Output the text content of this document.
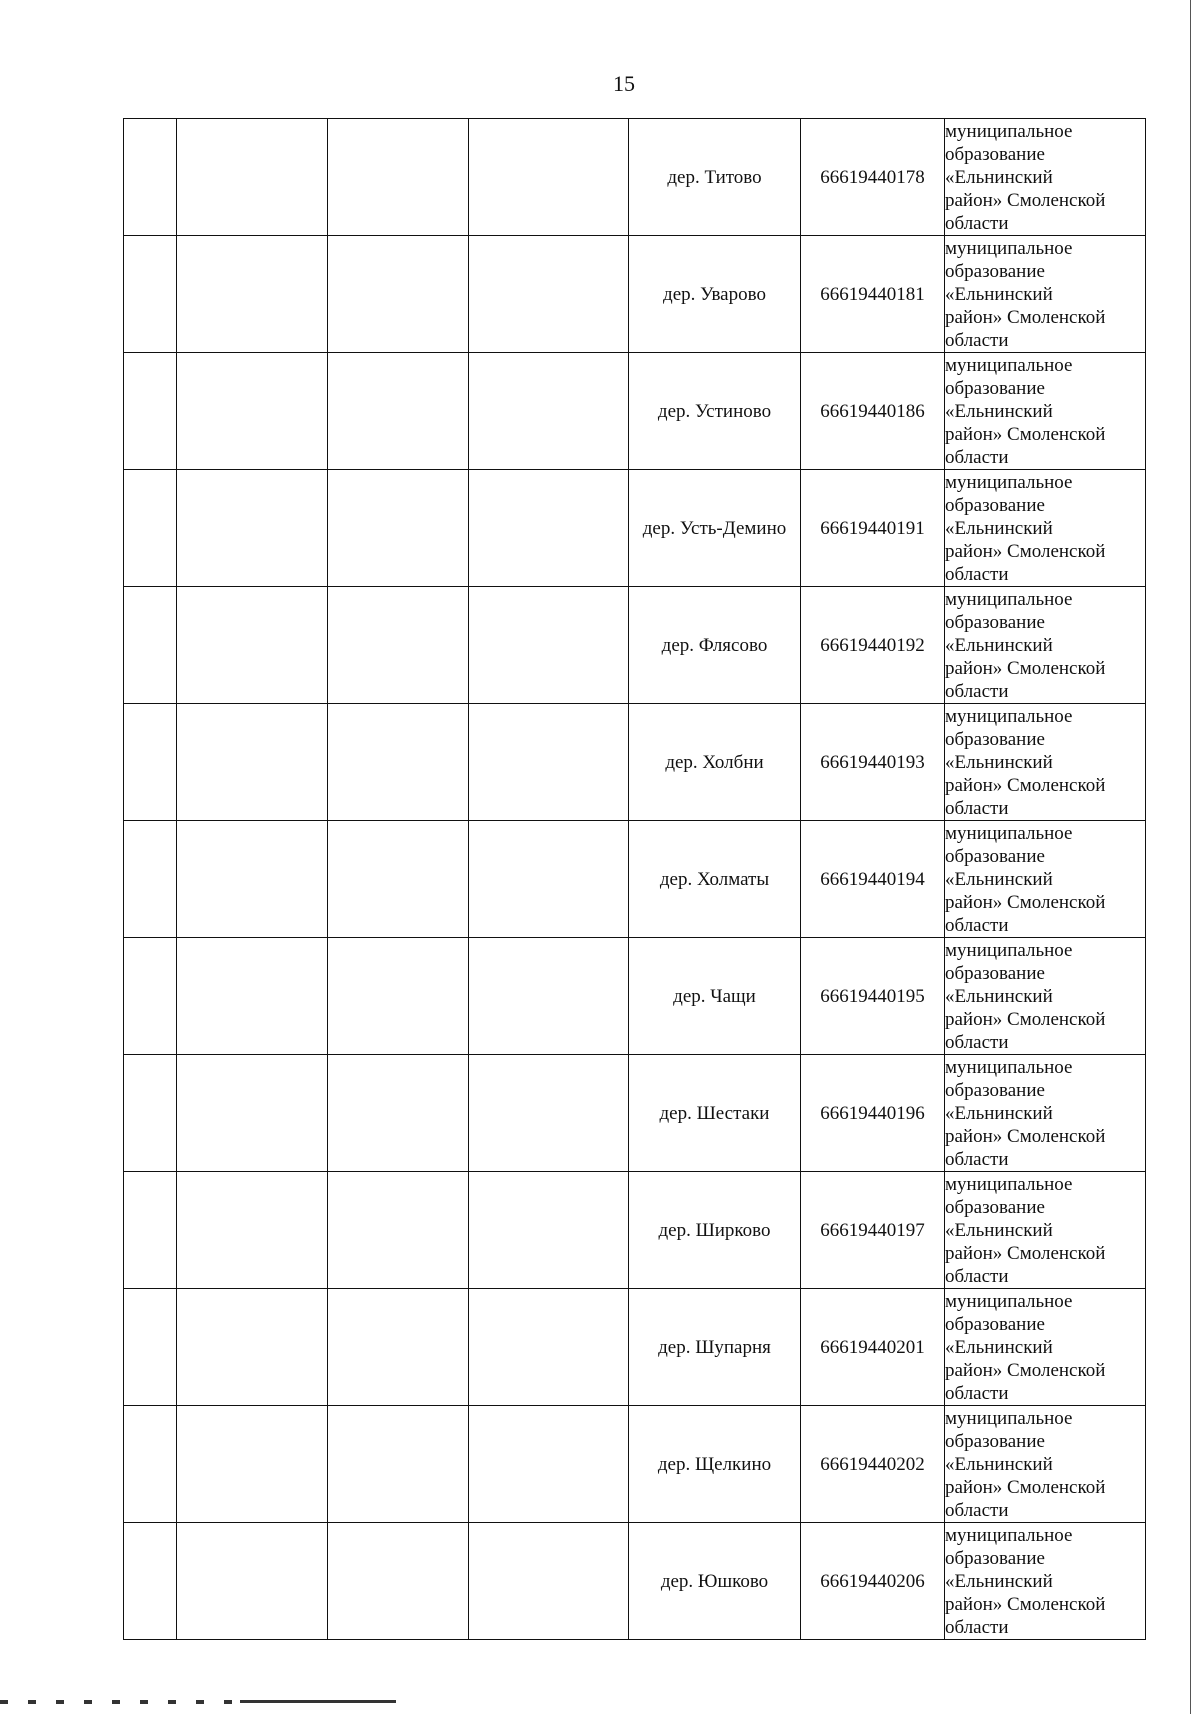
15
				дер. Титово	66619440178	муниципальное
образование
«Ельнинский
район» Смоленской
области

				дер. Уварово	66619440181	муниципальное
образование
«Ельнинский
район» Смоленской
области

				дер. Устиново	66619440186	муниципальное
образование
«Ельнинский
район» Смоленской
области

				дер. Усть-Демино	66619440191	муниципальное
образование
«Ельнинский
район» Смоленской
области

				дер. Флясово	66619440192	муниципальное
образование
«Ельнинский
район» Смоленской
области

				дер. Холбни	66619440193	муниципальное
образование
«Ельнинский
район» Смоленской
области

				дер. Холматы	66619440194	муниципальное
образование
«Ельнинский
район» Смоленской
области

				дер. Чащи	66619440195	муниципальное
образование
«Ельнинский
район» Смоленской
области

				дер. Шестаки	66619440196	муниципальное
образование
«Ельнинский
район» Смоленской
области

				дер. Ширково	66619440197	муниципальное
образование
«Ельнинский
район» Смоленской
области

				дер. Шупарня	66619440201	муниципальное
образование
«Ельнинский
район» Смоленской
области

				дер. Щелкино	66619440202	муниципальное
образование
«Ельнинский
район» Смоленской
области

				дер. Юшково	66619440206	муниципальное
образование
«Ельнинский
район» Смоленской
области
